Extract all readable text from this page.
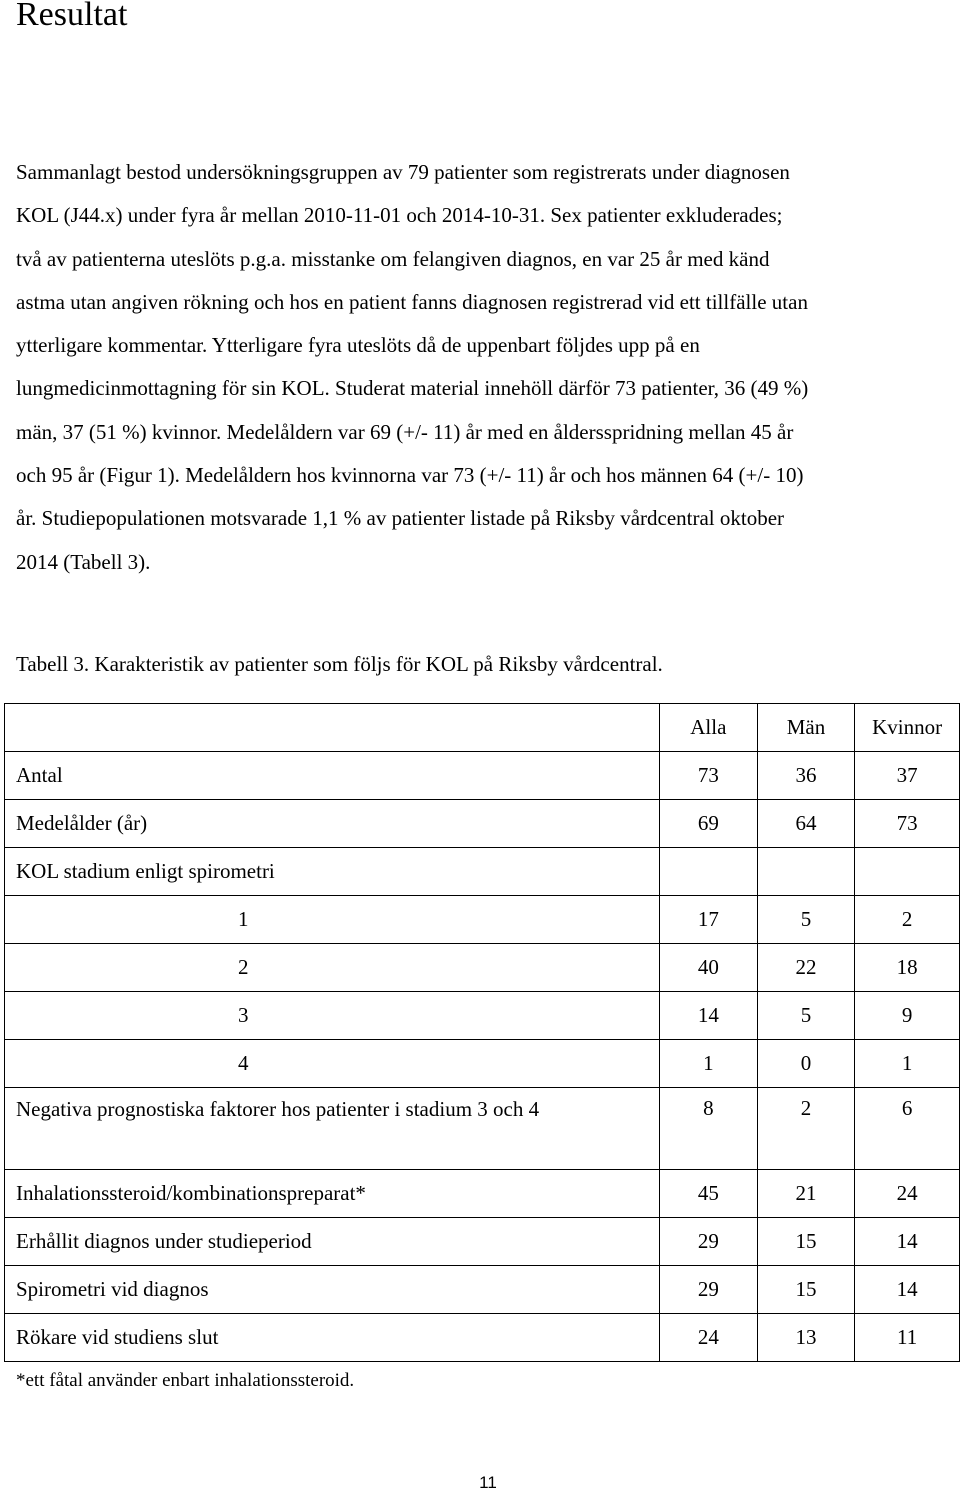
Resultat

Sammanlagt bestod undersökningsgruppen av 79 patienter som registrerats under diagnosen
KOL (J44.x) under fyra år mellan 2010-11-01 och 2014-10-31. Sex patienter exkluderades;
två av patienterna uteslöts p.g.a. misstanke om felangiven diagnos, en var 25 år med känd
astma utan angiven rökning och hos en patient fanns diagnosen registrerad vid ett tillfälle utan
ytterligare kommentar. Ytterligare fyra uteslöts då de uppenbart följdes upp på en
lungmedicinmottagning för sin KOL. Studerat material innehöll därför 73 patienter, 36 (49 %)
män, 37 (51 %) kvinnor. Medelåldern var 69 (+/- 11) år med en åldersspridning mellan 45 år
och 95 år (Figur 1). Medelåldern hos kvinnorna var 73 (+/- 11) år och hos männen 64 (+/- 10)
år. Studiepopulationen motsvarade 1,1 % av patienter listade på Riksby vårdcentral oktober
2014 (Tabell 3).

Tabell 3. Karakteristik av patienter som följs för KOL på Riksby vårdcentral.

	Alla	Män	Kvinnor
Antal	73	36	37
Medelålder (år)	69	64	73
KOL stadium enligt spirometri			
1	17	5	2
2	40	22	18
3	14	5	9
4	1	0	1
Negativa prognostiska faktorer hos patienter i stadium 3 och 4	8	2	6
Inhalationssteroid/kombinationspreparat*	45	21	24
Erhållit diagnos under studieperiod	29	15	14
Spirometri vid diagnos	29	15	14
Rökare vid studiens slut	24	13	11

*ett fåtal använder enbart inhalationssteroid.

11
